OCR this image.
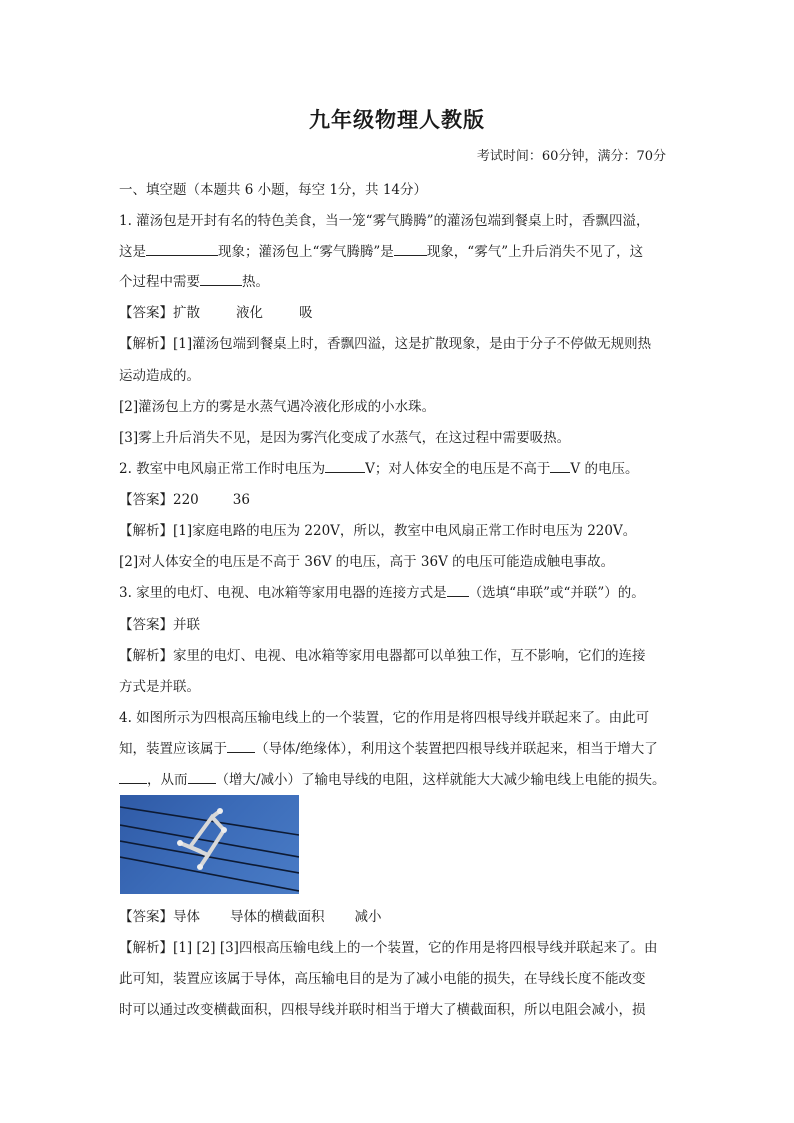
九年级物理人教版
考试时间：60分钟，满分：70分
一、填空题（本题共 6 小题，每空 1分，共 14分）
1. 灌汤包是开封有名的特色美食，当一笼“雾气腾腾”的灌汤包端到餐桌上时，香飘四溢，
这是	现象；灌汤包上“雾气腾腾”是 现象，“雾气”上升后消失不见了，这
个过程中需要	热。
【答案】扩散	液化	吸
【解析】[1]灌汤包端到餐桌上时，香飘四溢，这是扩散现象，是由于分子不停做无规则热
运动造成的。
[2]灌汤包上方的雾是水蒸气遇冷液化形成的小水珠。
[3]雾上升后消失不见，是因为雾汽化变成了水蒸气，在这过程中需要吸热。
2. 教室中电风扇正常工作时电压为	V；对人体安全的电压是不高于 V 的电压。
【答案】220	36
【解析】[1]家庭电路的电压为 220V，所以，教室中电风扇正常工作时电压为 220V。
[2]对人体安全的电压是不高于 36V 的电压，高于 36V 的电压可能造成触电事故。
3. 家里的电灯、电视、电冰箱等家用电器的连接方式是 （选填“串联”或“并联”）的。
【答案】并联
【解析】家里的电灯、电视、电冰箱等家用电器都可以单独工作，互不影响，它们的连接
方式是并联。
4. 如图所示为四根高压输电线上的一个装置，它的作用是将四根导线并联起来了。由此可
知，装置应该属于 （导体/绝缘体），利用这个装置把四根导线并联起来，相当于增大了
，从而 （增大/减小）了输电导线的电阻，这样就能大大减少输电线上电能的损失。
【答案】导体 导体的横截面积 减小
【解析】[1] [2] [3]四根高压输电线上的一个装置，它的作用是将四根导线并联起来了。由
此可知，装置应该属于导体，高压输电目的是为了减小电能的损失，在导线长度不能改变
时可以通过改变横截面积，四根导线并联时相当于增大了横截面积，所以电阻会减小，损
